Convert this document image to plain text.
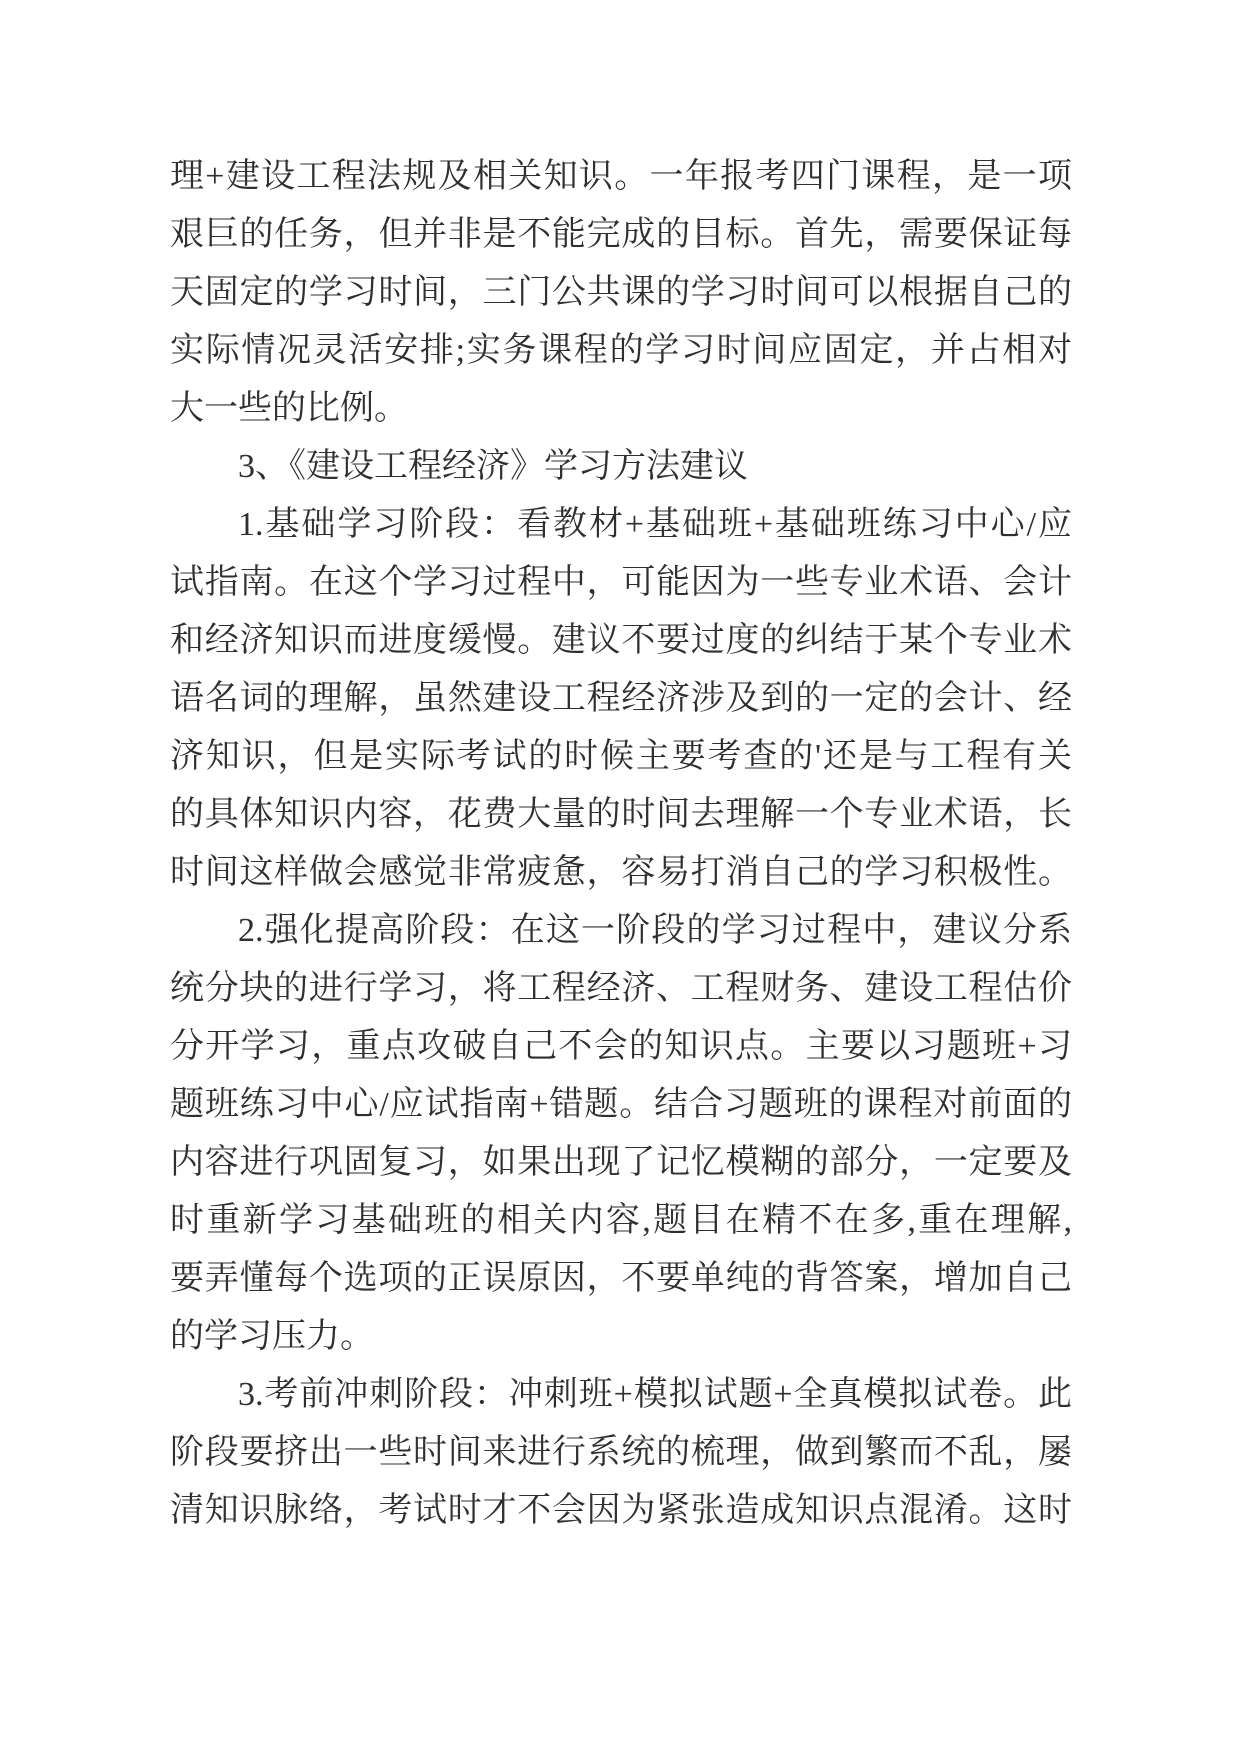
理+建设工程法规及相关知识。一年报考四门课程，是一项
艰巨的任务，但并非是不能完成的目标。首先，需要保证每
天固定的学习时间，三门公共课的学习时间可以根据自己的
实际情况灵活安排;实务课程的学习时间应固定，并占相对
大一些的比例。
3、《建设工程经济》学习方法建议
1.基础学习阶段：看教材+基础班+基础班练习中心/应
试指南。在这个学习过程中，可能因为一些专业术语、会计
和经济知识而进度缓慢。建议不要过度的纠结于某个专业术
语名词的理解，虽然建设工程经济涉及到的一定的会计、经
济知识，但是实际考试的时候主要考查的'还是与工程有关
的具体知识内容，花费大量的时间去理解一个专业术语，长
时间这样做会感觉非常疲惫，容易打消自己的学习积极性。
2.强化提高阶段：在这一阶段的学习过程中，建议分系
统分块的进行学习，将工程经济、工程财务、建设工程估价
分开学习，重点攻破自己不会的知识点。主要以习题班+习
题班练习中心/应试指南+错题。结合习题班的课程对前面的
内容进行巩固复习，如果出现了记忆模糊的部分，一定要及
时重新学习基础班的相关内容,题目在精不在多,重在理解,
要弄懂每个选项的正误原因，不要单纯的背答案，增加自己
的学习压力。
3.考前冲刺阶段：冲刺班+模拟试题+全真模拟试卷。此
阶段要挤出一些时间来进行系统的梳理，做到繁而不乱，屡
清知识脉络，考试时才不会因为紧张造成知识点混淆。这时
